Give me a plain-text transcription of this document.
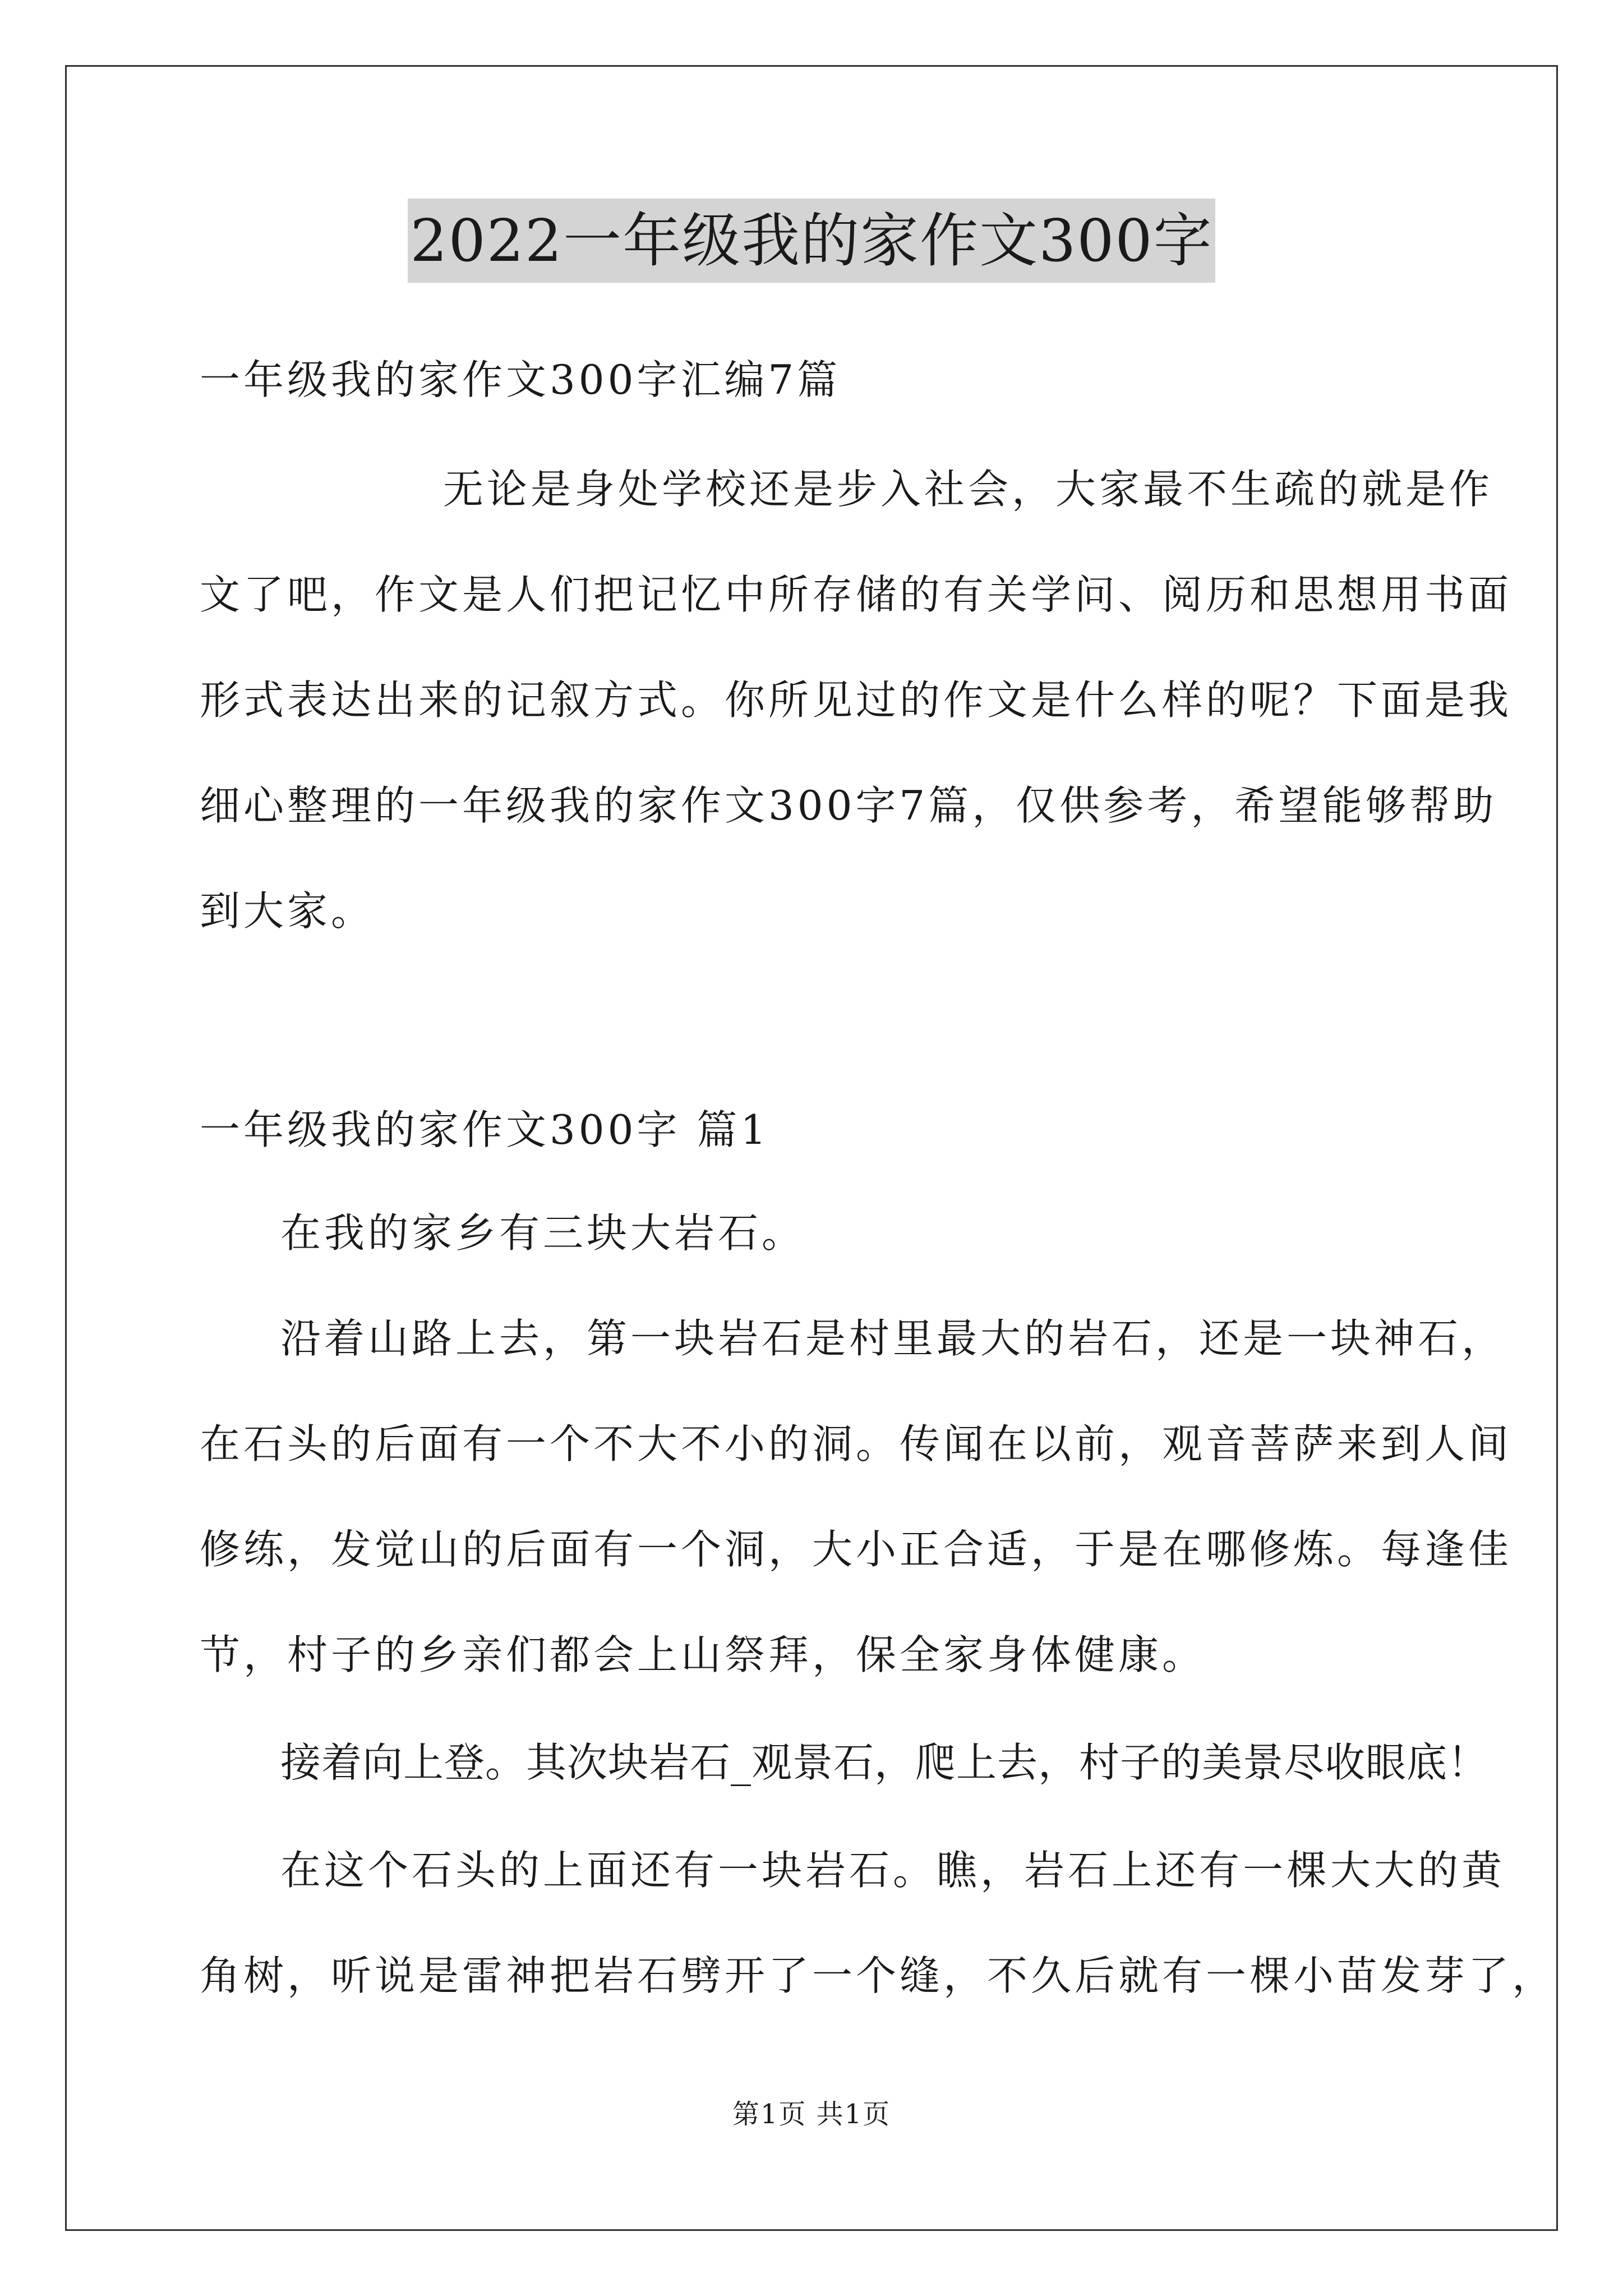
2022一年级我的家作文300字
一年级我的家作文300字汇编7篇
无论是身处学校还是步入社会，大家最不生疏的就是作
文了吧，作文是人们把记忆中所存储的有关学问、阅历和思想用书面
形式表达出来的记叙方式。你所见过的作文是什么样的呢？下面是我
细心整理的一年级我的家作文300字7篇，仅供参考，希望能够帮助
到大家。
一年级我的家作文300字 篇1
在我的家乡有三块大岩石。
沿着山路上去，第一块岩石是村里最大的岩石，还是一块神石，
在石头的后面有一个不大不小的洞。传闻在以前，观音菩萨来到人间
修练，发觉山的后面有一个洞，大小正合适，于是在哪修炼。每逢佳
节，村子的乡亲们都会上山祭拜，保全家身体健康。
接着向上登。其次块岩石_观景石，爬上去，村子的美景尽收眼底！
在这个石头的上面还有一块岩石。瞧，岩石上还有一棵大大的黄
角树，听说是雷神把岩石劈开了一个缝，不久后就有一棵小苗发芽了，
第1页 共1页
